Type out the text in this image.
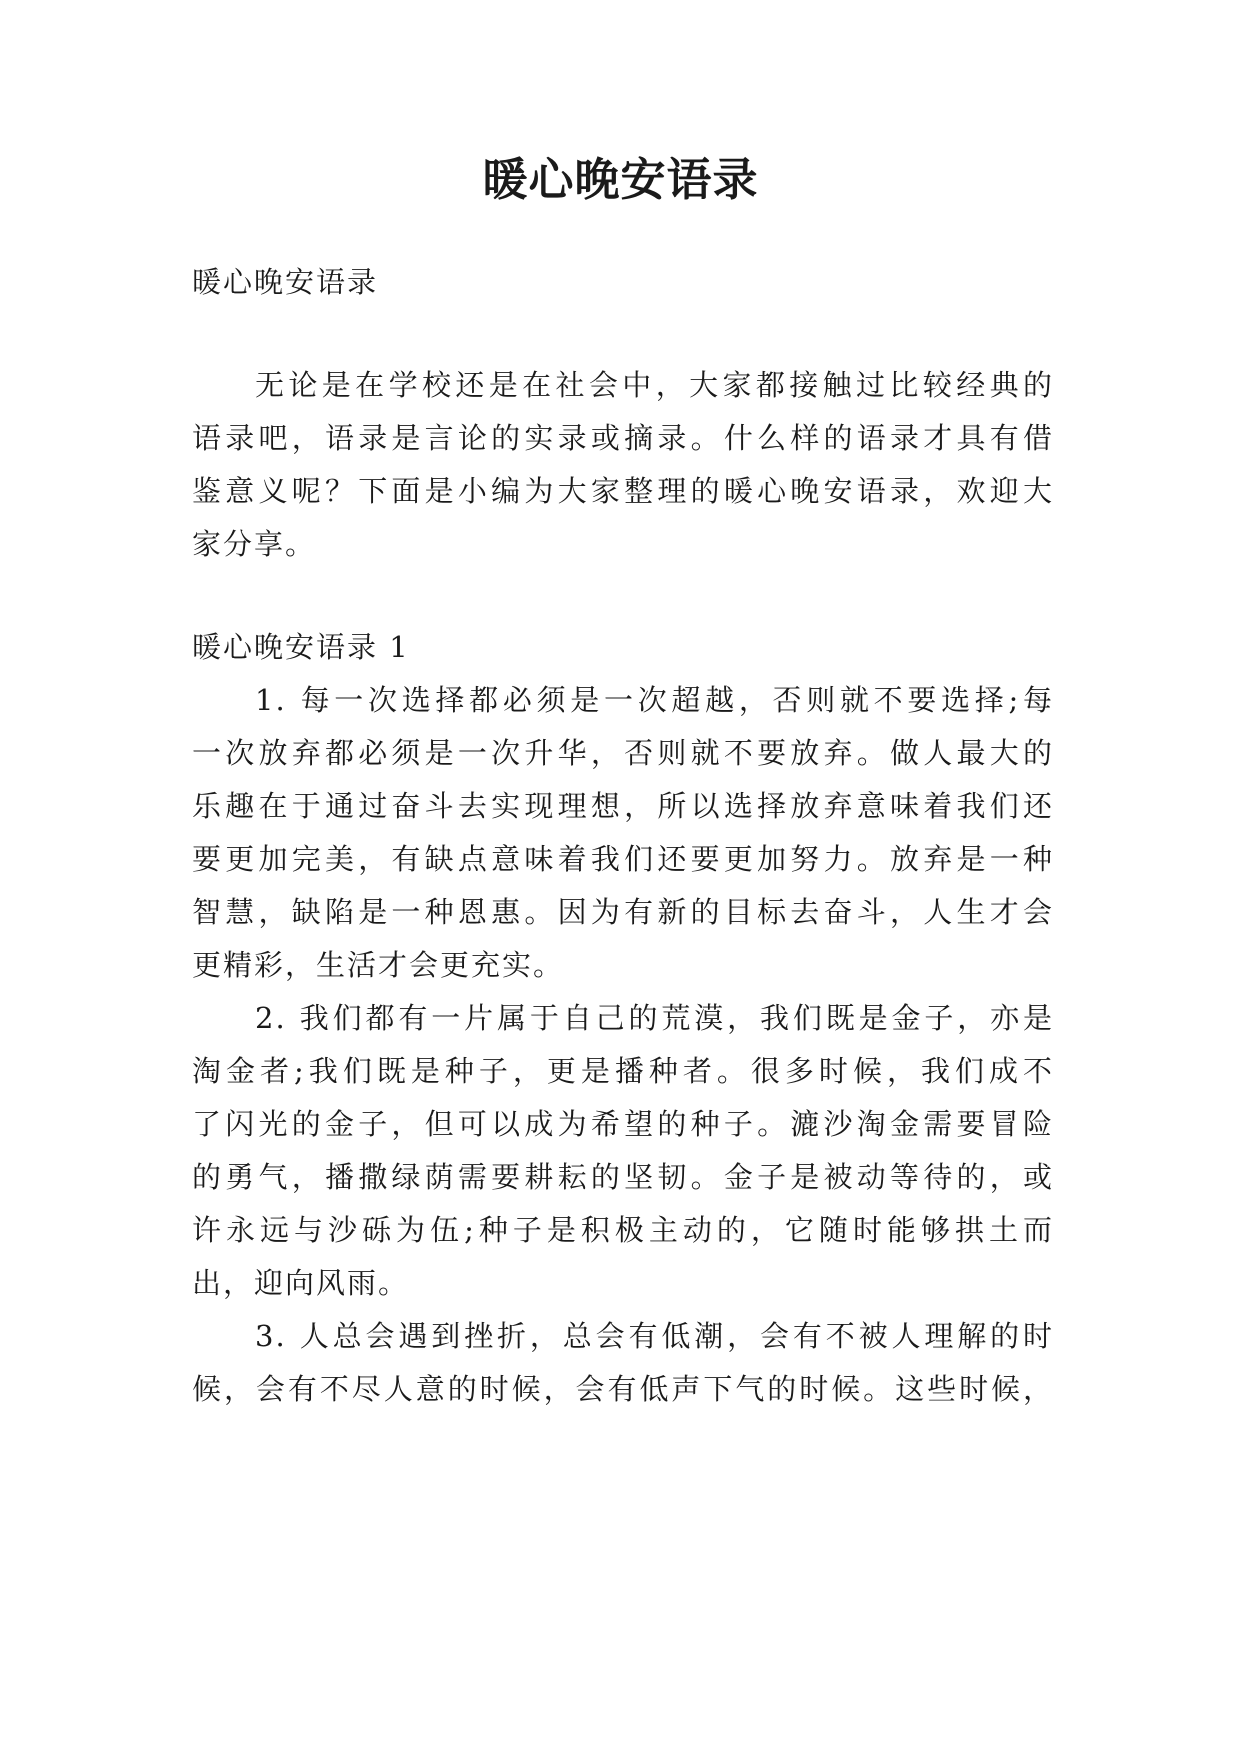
暖心晚安语录

暖心晚安语录

无论是在学校还是在社会中，大家都接触过比较经典的

语录吧，语录是言论的实录或摘录。什么样的语录才具有借

鉴意义呢？下面是小编为大家整理的暖心晚安语录，欢迎大

家分享。

暖心晚安语录 1

1. 每一次选择都必须是一次超越，否则就不要选择;每

一次放弃都必须是一次升华，否则就不要放弃。做人最大的

乐趣在于通过奋斗去实现理想，所以选择放弃意味着我们还

要更加完美，有缺点意味着我们还要更加努力。放弃是一种

智慧，缺陷是一种恩惠。因为有新的目标去奋斗，人生才会

更精彩，生活才会更充实。

2. 我们都有一片属于自己的荒漠，我们既是金子，亦是

淘金者;我们既是种子，更是播种者。很多时候，我们成不

了闪光的金子，但可以成为希望的种子。漉沙淘金需要冒险

的勇气，播撒绿荫需要耕耘的坚韧。金子是被动等待的，或

许永远与沙砾为伍;种子是积极主动的，它随时能够拱土而

出，迎向风雨。

3. 人总会遇到挫折，总会有低潮，会有不被人理解的时

候，会有不尽人意的时候，会有低声下气的时候。这些时候，
